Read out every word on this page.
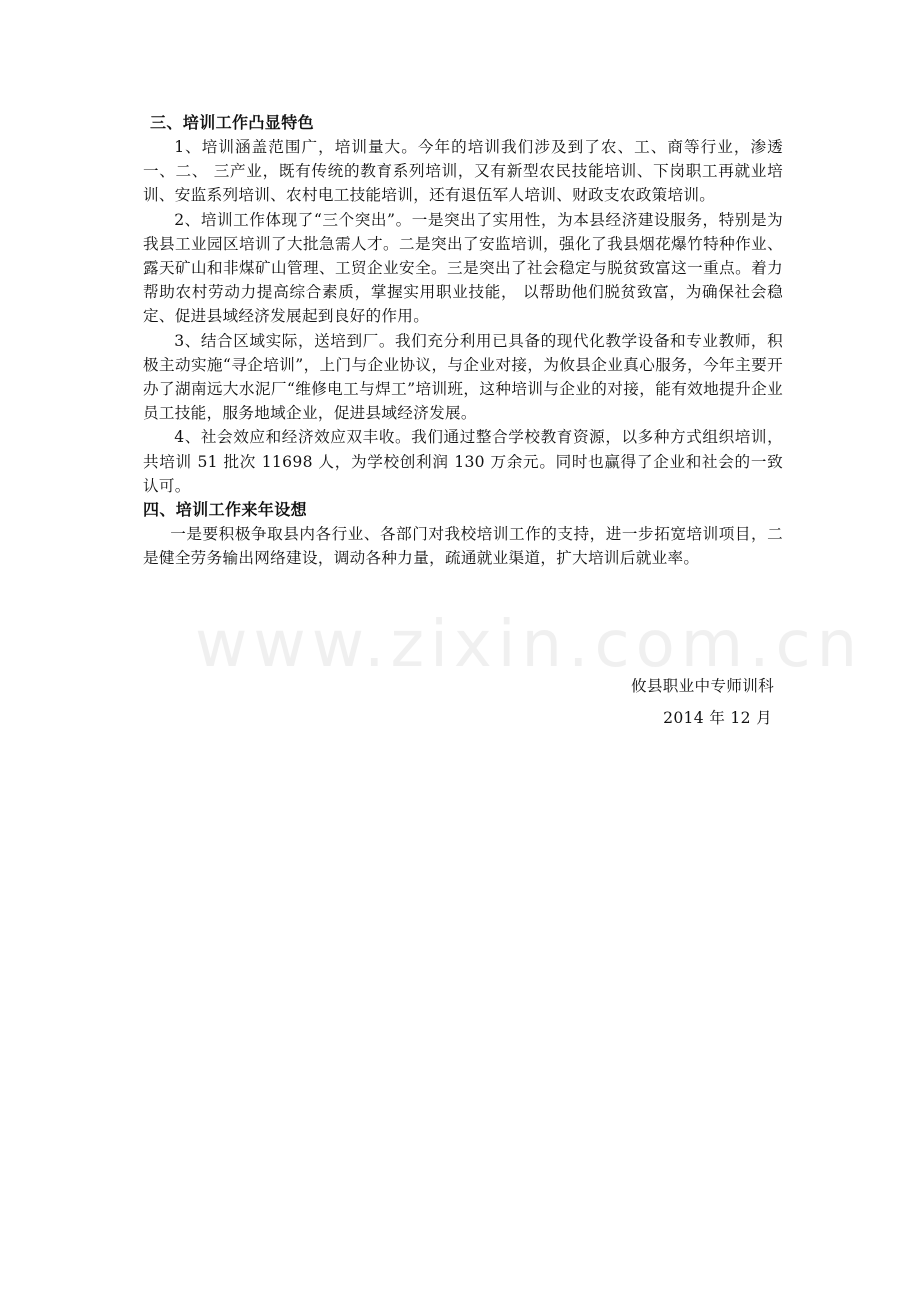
www.zixin.com.cn
三、培训工作凸显特色

1、培训涵盖范围广，培训量大。今年的培训我们涉及到了农、工、商等行业，渗透一、二、 三产业，既有传统的教育系列培训，又有新型农民技能培训、下岗职工再就业培训、安监系列培训、农村电工技能培训，还有退伍军人培训、财政支农政策培训。

2、培训工作体现了“三个突出”。一是突出了实用性，为本县经济建设服务，特别是为我县工业园区培训了大批急需人才。二是突出了安监培训，强化了我县烟花爆竹特种作业、露天矿山和非煤矿山管理、工贸企业安全。三是突出了社会稳定与脱贫致富这一重点。着力帮助农村劳动力提高综合素质，掌握实用职业技能， 以帮助他们脱贫致富，为确保社会稳定、促进县域经济发展起到良好的作用。

3、结合区域实际，送培到厂。我们充分利用已具备的现代化教学设备和专业教师，积极主动实施“寻企培训”，上门与企业协议，与企业对接，为攸县企业真心服务，今年主要开办了湖南远大水泥厂“维修电工与焊工”培训班，这种培训与企业的对接，能有效地提升企业员工技能，服务地域企业，促进县域经济发展。

4、社会效应和经济效应双丰收。我们通过整合学校教育资源，以多种方式组织培训，共培训 51 批次 11698 人，为学校创利润 130 万余元。同时也赢得了企业和社会的一致认可。

四、培训工作来年设想

一是要积极争取县内各行业、各部门对我校培训工作的支持，进一步拓宽培训项目，二是健全劳务输出网络建设，调动各种力量，疏通就业渠道，扩大培训后就业率。

攸县职业中专师训科
2014 年 12 月
